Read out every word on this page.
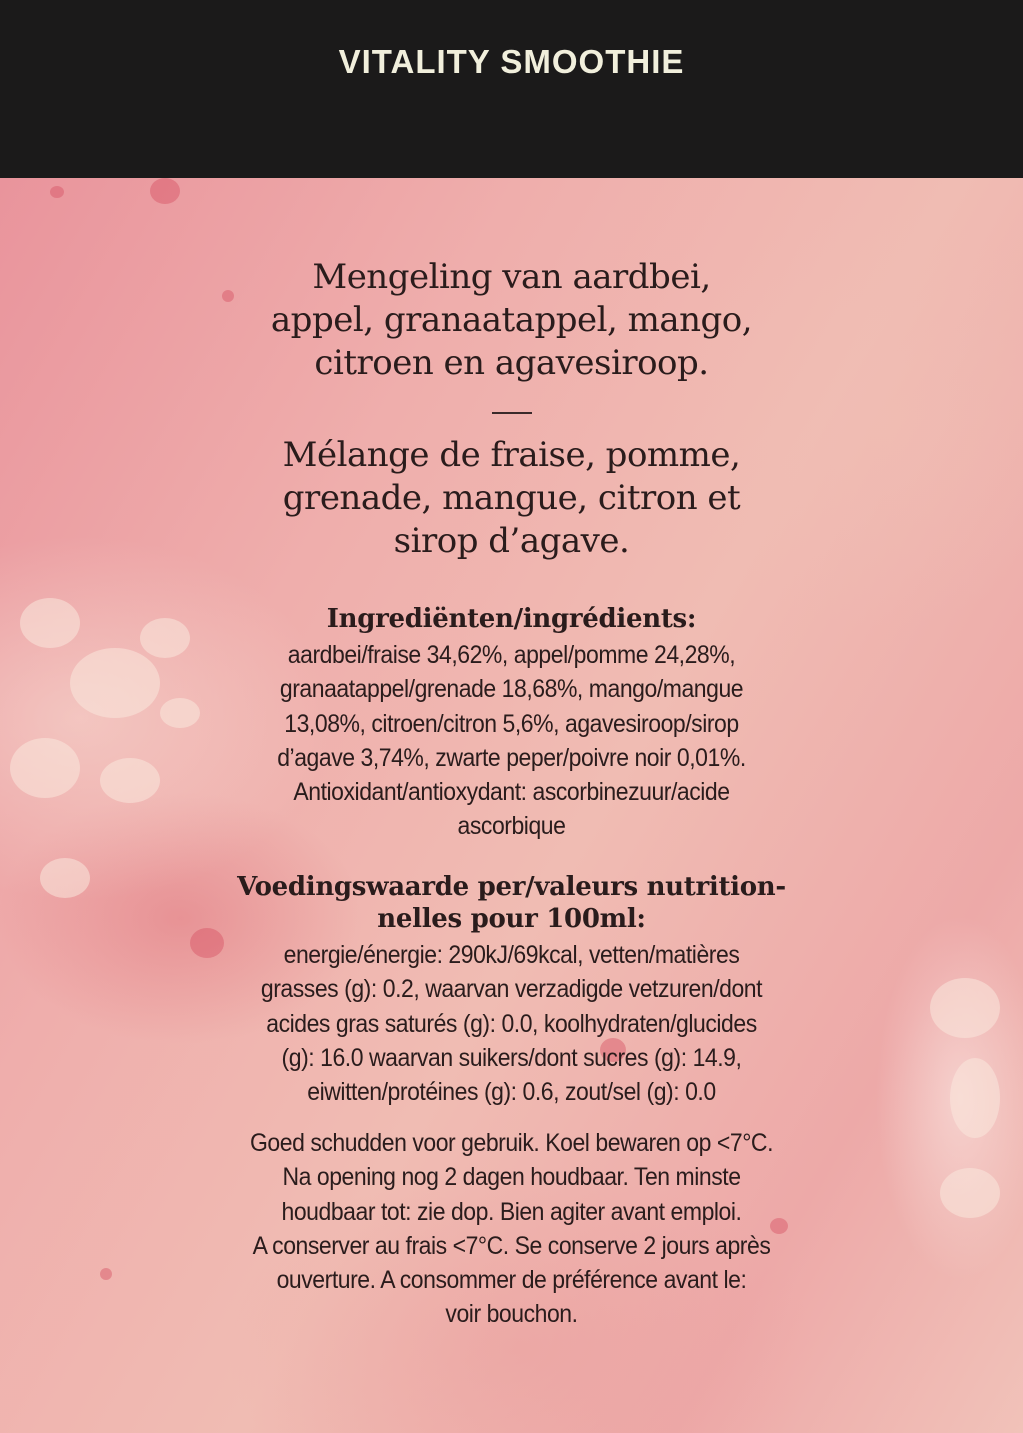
VITALITY SMOOTHIE
Mengeling van aardbei,
appel, granaatappel, mango,
citroen en agavesiroop.
Mélange de fraise, pomme,
grenade, mangue, citron et
sirop d’agave.
Ingrediënten/ingrédients:
aardbei/fraise 34,62%, appel/pomme 24,28%,
granaatappel/grenade 18,68%, mango/mangue
13,08%, citroen/citron 5,6%, agavesiroop/sirop
d’agave 3,74%, zwarte peper/poivre noir 0,01%.
Antioxidant/antioxydant: ascorbinezuur/acide
ascorbique
Voedingswaarde per/valeurs nutrition-
nelles pour 100ml:
energie/énergie: 290kJ/69kcal, vetten/matières
grasses (g): 0.2, waarvan verzadigde vetzuren/dont
acides gras saturés (g): 0.0, koolhydraten/glucides
(g): 16.0 waarvan suikers/dont sucres (g): 14.9,
eiwitten/protéines (g): 0.6, zout/sel (g): 0.0
Goed schudden voor gebruik. Koel bewaren op <7°C.
Na opening nog 2 dagen houdbaar. Ten minste
houdbaar tot: zie dop. Bien agiter avant emploi.
A conserver au frais <7°C. Se conserve 2 jours après
ouverture. A consommer de préférence avant le:
voir bouchon.
